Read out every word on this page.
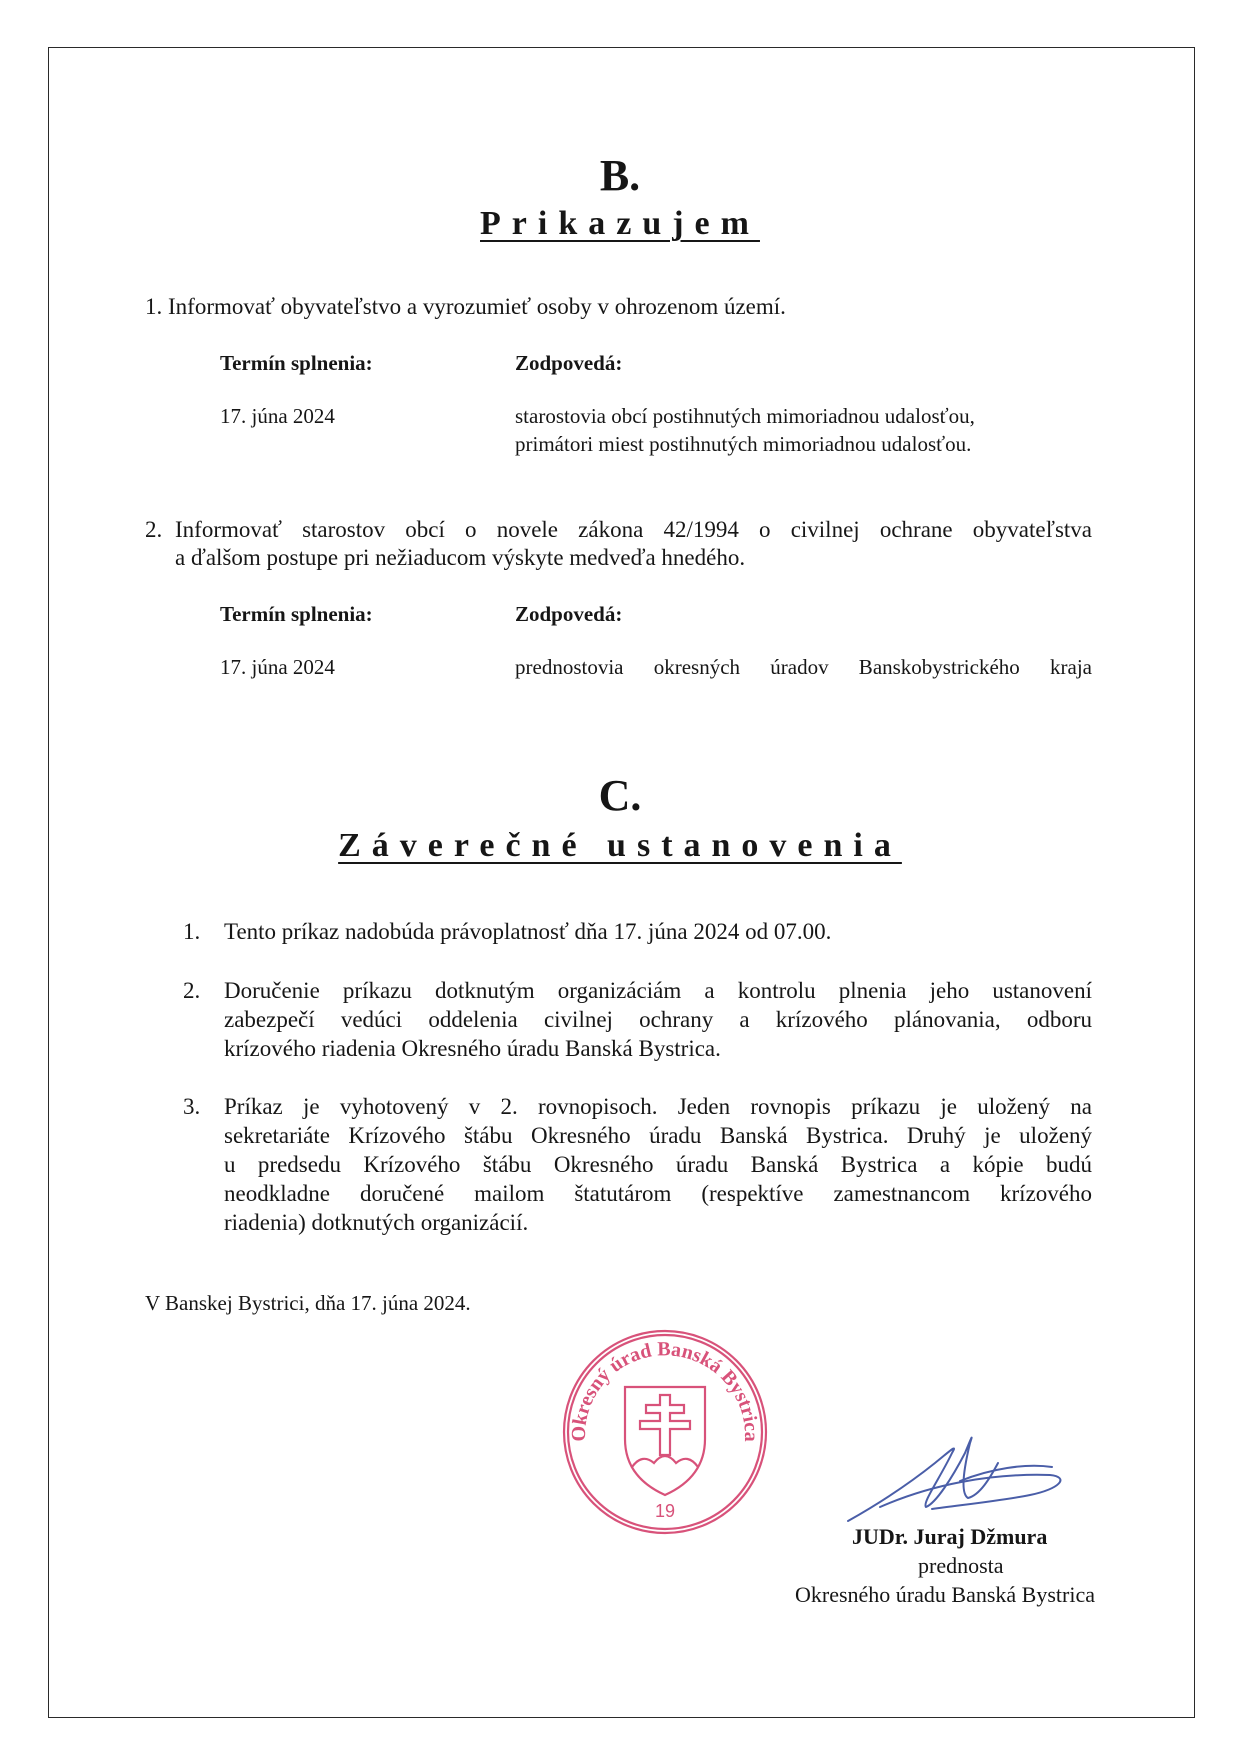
B.
Prikazujem
1. Informovať obyvateľstvo a vyrozumieť osoby v ohrozenom území.
Termín splnenia:	Zodpovedá:
17. júna 2024	starostovia obcí postihnutých mimoriadnou udalosťou,
primátori miest postihnutých mimoriadnou udalosťou.
2. Informovať starostov obcí o novele zákona 42/1994 o civilnej ochrane obyvateľstva
a ďalšom postupe pri nežiaducom výskyte medveďa hnedého.
Termín splnenia:	Zodpovedá:
17. júna 2024	prednostovia okresných úradov Banskobystrického kraja
C.
Záverečné ustanovenia
1. Tento príkaz nadobúda právoplatnosť dňa 17. júna 2024 od 07.00.
2. Doručenie príkazu dotknutým organizáciám a kontrolu plnenia jeho ustanovení
zabezpečí vedúci oddelenia civilnej ochrany a krízového plánovania, odboru
krízového riadenia Okresného úradu Banská Bystrica.
3. Príkaz je vyhotovený v 2. rovnopisoch. Jeden rovnopis príkazu je uložený na
sekretariáte Krízového štábu Okresného úradu Banská Bystrica. Druhý je uložený
u predsedu Krízového štábu Okresného úradu Banská Bystrica a kópie budú
neodkladne doručené mailom štatutárom (respektíve zamestnancom krízového
riadenia) dotknutých organizácií.
V Banskej Bystrici, dňa 17. júna 2024.
Okresný úrad Banská Bystrica
19
JUDr. Juraj Džmura
prednosta
Okresného úradu Banská Bystrica
